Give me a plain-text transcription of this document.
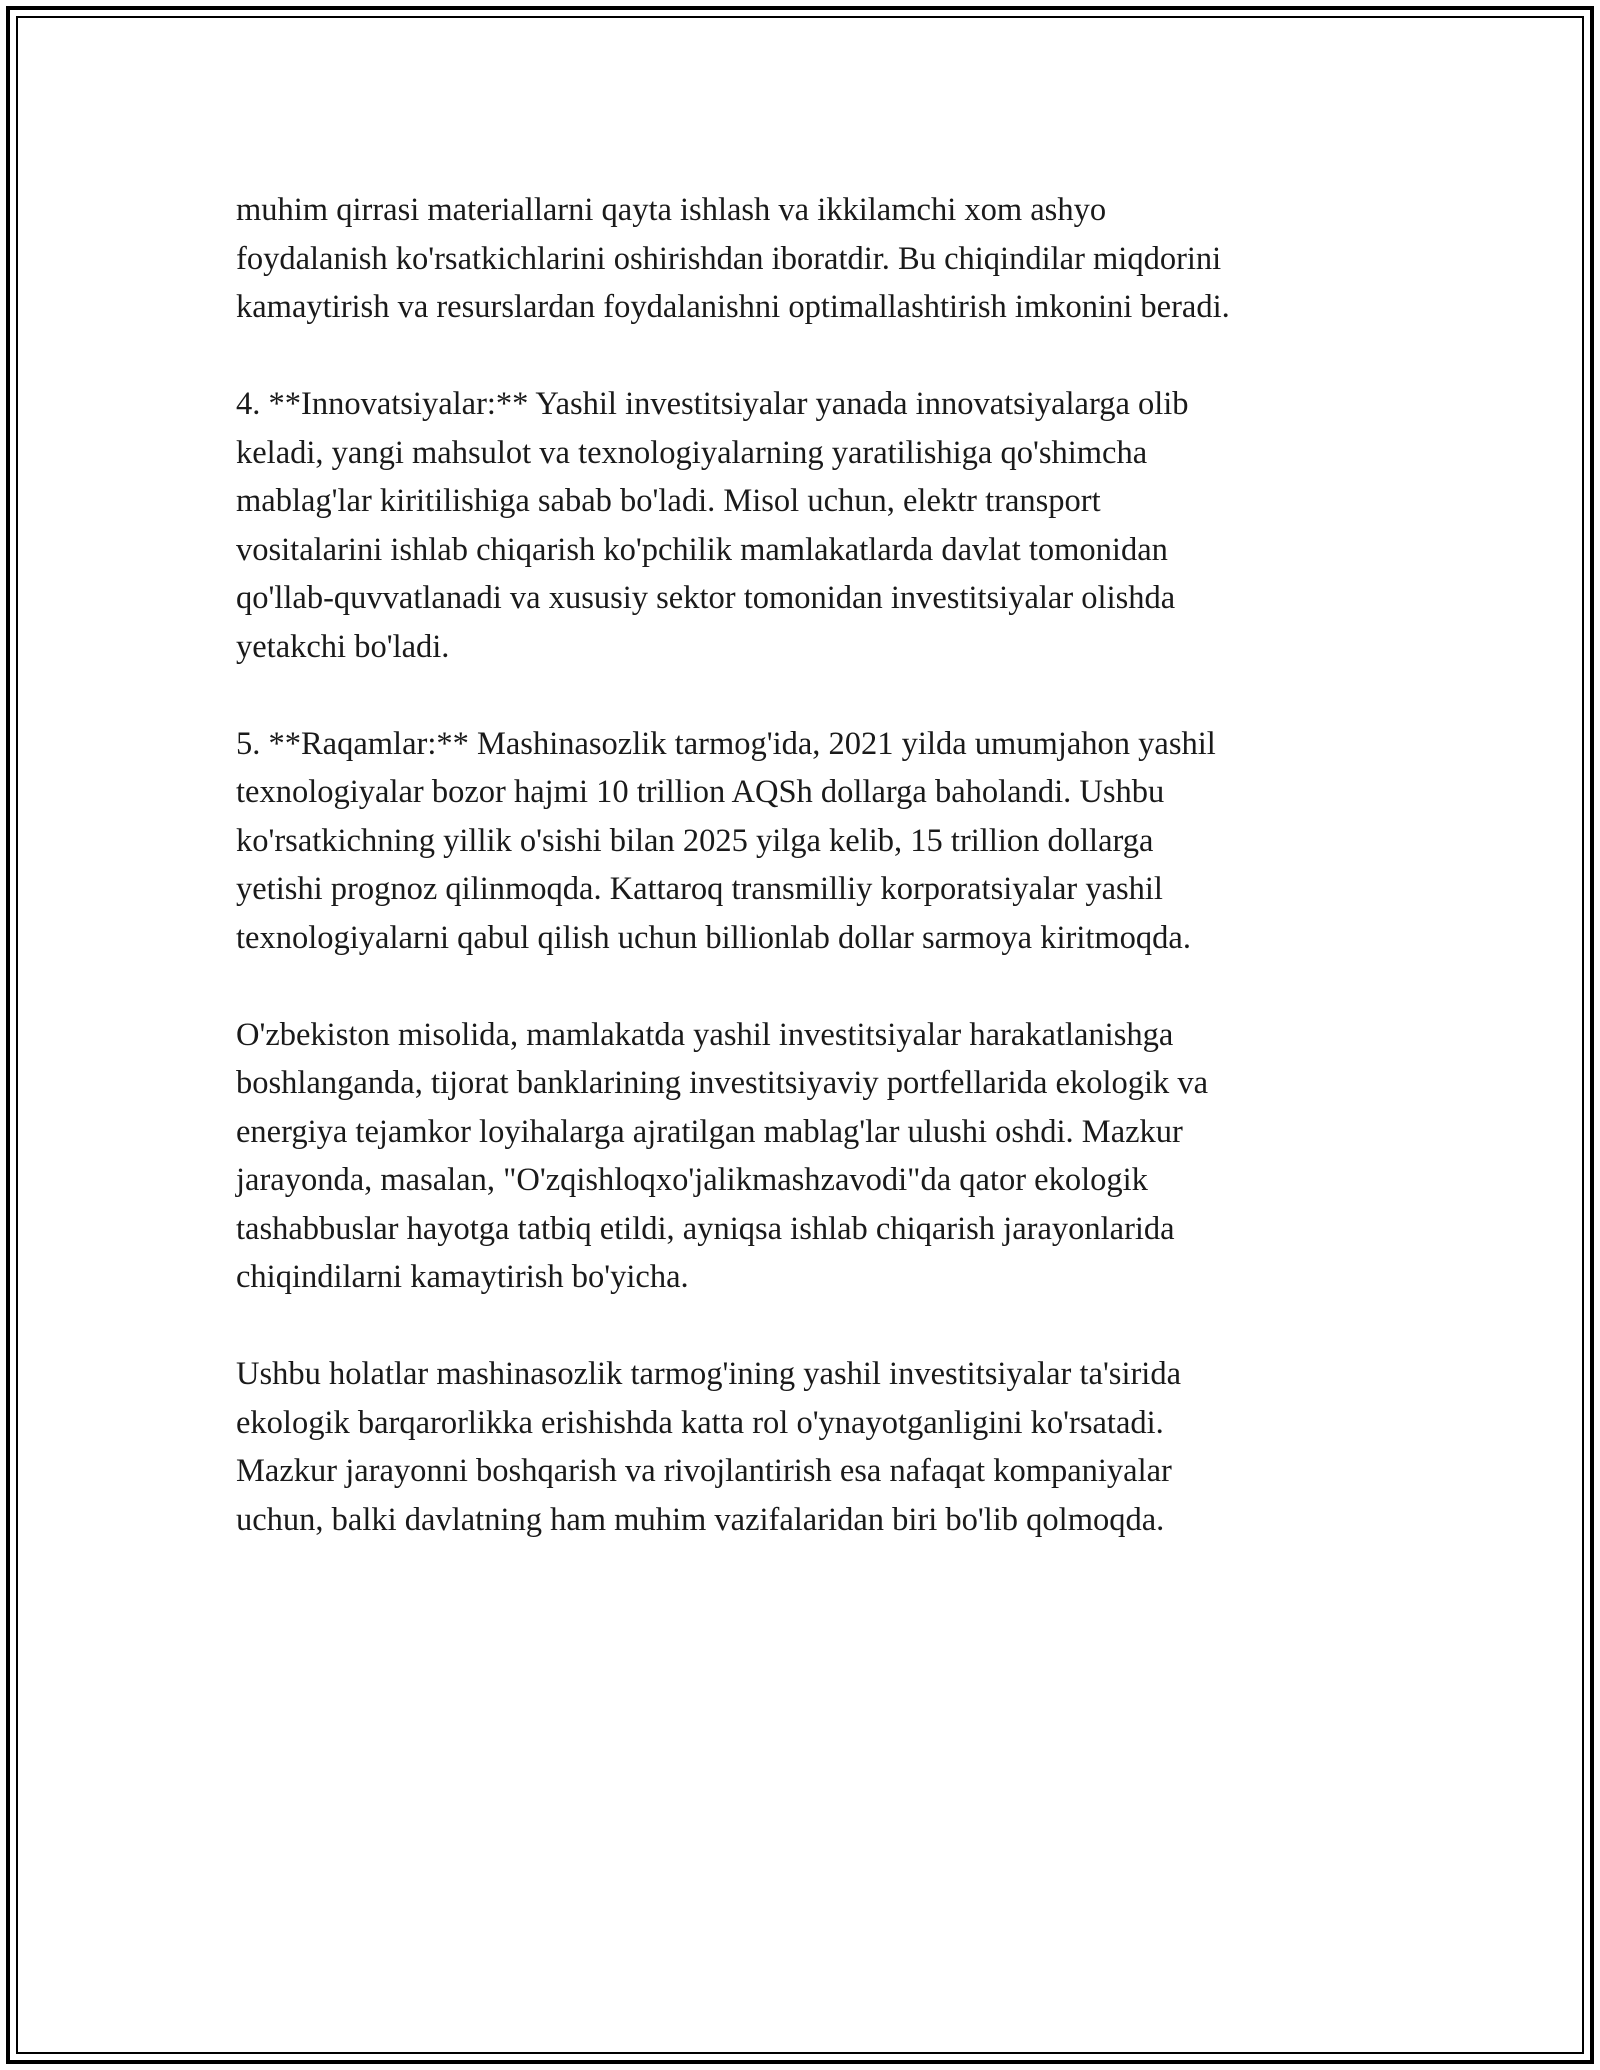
muhim qirrasi materiallarni qayta ishlash va ikkilamchi xom ashyo
foydalanish ko'rsatkichlarini oshirishdan iboratdir. Bu chiqindilar miqdorini
kamaytirish va resurslardan foydalanishni optimallashtirish imkonini beradi.
4. **Innovatsiyalar:** Yashil investitsiyalar yanada innovatsiyalarga olib
keladi, yangi mahsulot va texnologiyalarning yaratilishiga qo'shimcha
mablag'lar kiritilishiga sabab bo'ladi. Misol uchun, elektr transport
vositalarini ishlab chiqarish ko'pchilik mamlakatlarda davlat tomonidan
qo'llab-quvvatlanadi va xususiy sektor tomonidan investitsiyalar olishda
yetakchi bo'ladi.
5. **Raqamlar:** Mashinasozlik tarmog'ida, 2021 yilda umumjahon yashil
texnologiyalar bozor hajmi 10 trillion AQSh dollarga baholandi. Ushbu
ko'rsatkichning yillik o'sishi bilan 2025 yilga kelib, 15 trillion dollarga
yetishi prognoz qilinmoqda. Kattaroq transmilliy korporatsiyalar yashil
texnologiyalarni qabul qilish uchun billionlab dollar sarmoya kiritmoqda.
O'zbekiston misolida, mamlakatda yashil investitsiyalar harakatlanishga
boshlanganda, tijorat banklarining investitsiyaviy portfellarida ekologik va
energiya tejamkor loyihalarga ajratilgan mablag'lar ulushi oshdi. Mazkur
jarayonda, masalan, "O'zqishloqxo'jalikmashzavodi"da qator ekologik
tashabbuslar hayotga tatbiq etildi, ayniqsa ishlab chiqarish jarayonlarida
chiqindilarni kamaytirish bo'yicha.
Ushbu holatlar mashinasozlik tarmog'ining yashil investitsiyalar ta'sirida
ekologik barqarorlikka erishishda katta rol o'ynayotganligini ko'rsatadi.
Mazkur jarayonni boshqarish va rivojlantirish esa nafaqat kompaniyalar
uchun, balki davlatning ham muhim vazifalaridan biri bo'lib qolmoqda.
